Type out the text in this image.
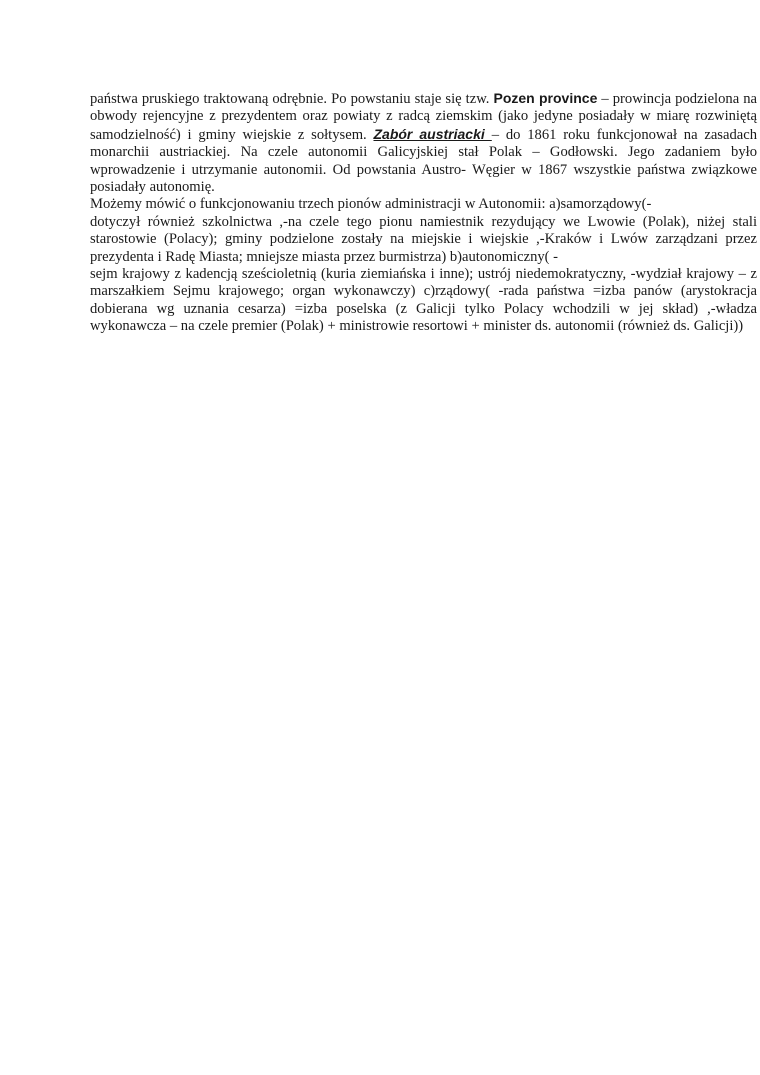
państwa pruskiego traktowaną odrębnie. Po powstaniu staje się tzw. Pozen province – prowincja podzielona na obwody rejencyjne z prezydentem oraz powiaty z radcą ziemskim (jako jedyne posiadały w miarę rozwiniętą samodzielność) i gminy wiejskie z sołtysem. Zabór austriacki – do 1861 roku funkcjonował na zasadach monarchii austriackiej. Na czele autonomii Galicyjskiej stał Polak – Godłowski. Jego zadaniem było wprowadzenie i utrzymanie autonomii. Od powstania Austro- Węgier w 1867 wszystkie państwa związkowe posiadały autonomię.

Możemy mówić o funkcjonowaniu trzech pionów administracji w Autonomii: a)samorządowy(-

dotyczył również szkolnictwa ,-na czele tego pionu namiestnik rezydujący we Lwowie (Polak), niżej stali starostowie (Polacy); gminy podzielone zostały na miejskie i wiejskie ,-Kraków i Lwów zarządzani przez prezydenta i Radę Miasta; mniejsze miasta przez burmistrza) b)autonomiczny( -

sejm krajowy z kadencją sześcioletnią (kuria ziemiańska i inne); ustrój niedemokratyczny, -wydział krajowy – z marszałkiem Sejmu krajowego; organ wykonawczy) c)rządowy( -rada państwa =izba panów (arystokracja dobierana wg uznania cesarza) =izba poselska (z Galicji tylko Polacy wchodzili w jej skład) ,-władza wykonawcza – na czele premier (Polak) + ministrowie resortowi + minister ds. autonomii (również ds. Galicji))
